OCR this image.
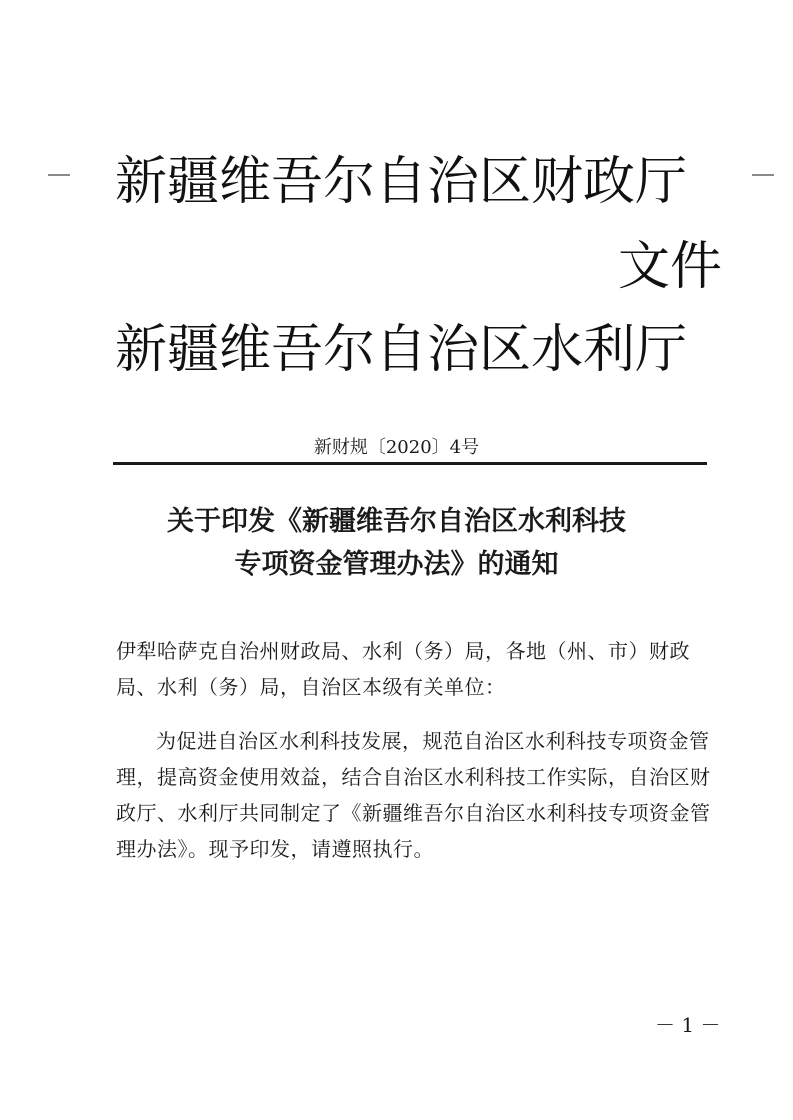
新疆维吾尔自治区财政厅
文件
新疆维吾尔自治区水利厅
新财规〔2020〕4号
关于印发《新疆维吾尔自治区水利科技
专项资金管理办法》的通知
伊犁哈萨克自治州财政局、水利（务）局，各地（州、市）财政局、水利（务）局，自治区本级有关单位：
为促进自治区水利科技发展，规范自治区水利科技专项资金管理，提高资金使用效益，结合自治区水利科技工作实际，自治区财政厅、水利厅共同制定了《新疆维吾尔自治区水利科技专项资金管理办法》。现予印发，请遵照执行。
－ 1 －
